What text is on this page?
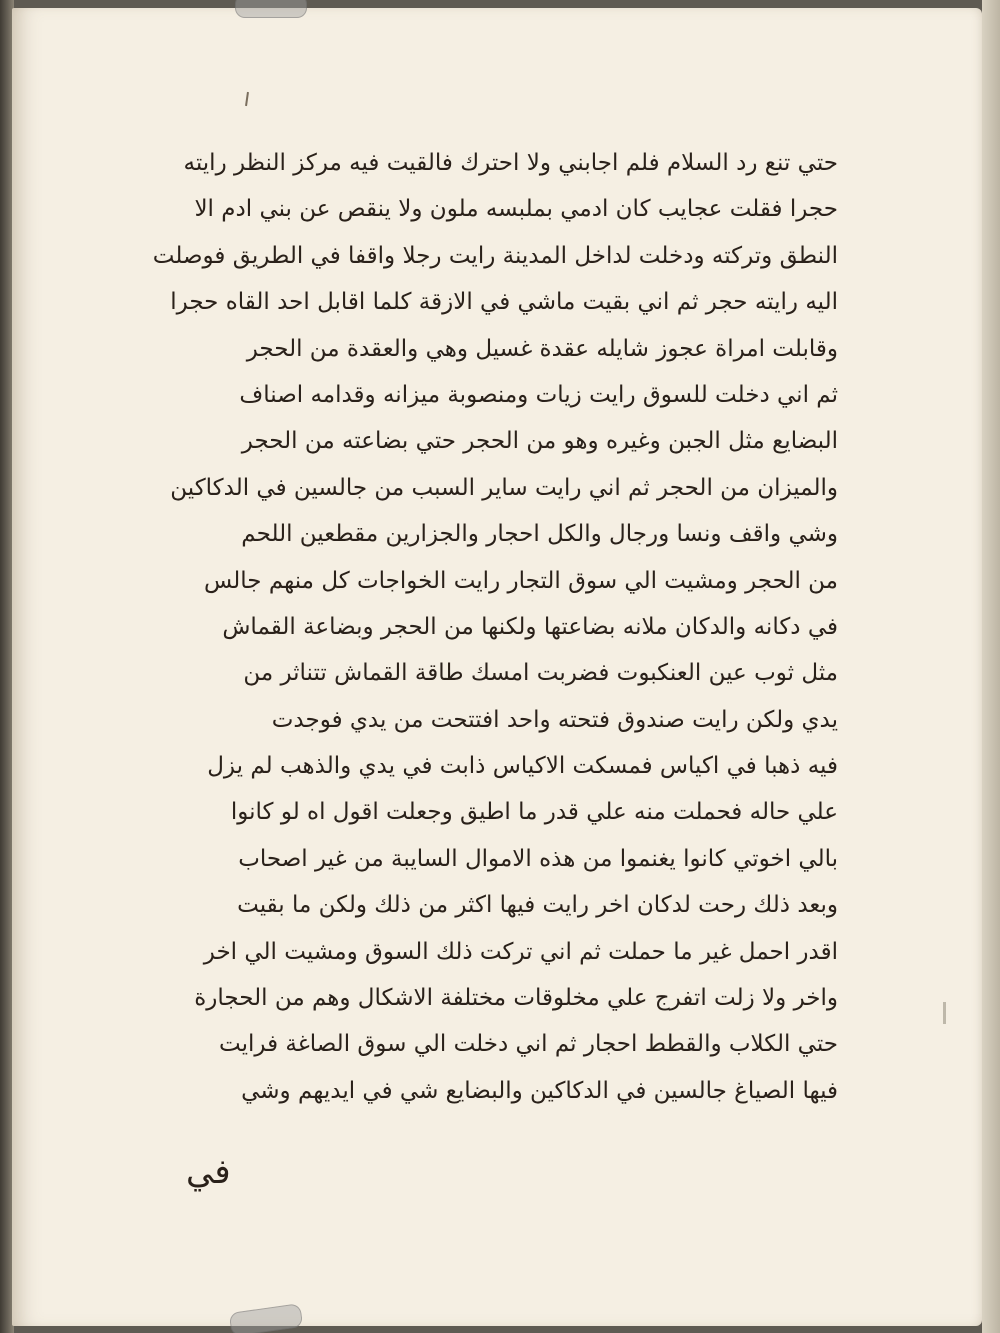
حتي تنع رد السلام فلم اجابني ولا احترك فالقيت فيه مركز النظر رايته
حجرا فقلت عجايب كان ادمي بملبسه ملون ولا ينقص عن بني ادم الا
النطق وتركته ودخلت لداخل المدينة رايت رجلا واقفا في الطريق فوصلت
اليه رايته حجر ثم اني بقيت ماشي في الازقة كلما اقابل احد القاه حجرا
وقابلت امراة عجوز شايله عقدة غسيل وهي والعقدة من الحجر
ثم اني دخلت للسوق رايت زيات ومنصوبة ميزانه وقدامه اصناف
البضايع مثل الجبن وغيره وهو من الحجر حتي بضاعته من الحجر
والميزان من الحجر ثم اني رايت ساير السبب من جالسين في الدكاكين
وشي واقف ونسا ورجال والكل احجار والجزارين مقطعين اللحم
من الحجر ومشيت الي سوق التجار رايت الخواجات كل منهم جالس
في دكانه والدكان ملانه بضاعتها ولكنها من الحجر وبضاعة القماش
مثل ثوب عين العنكبوت فضربت امسك طاقة القماش تتناثر من
يدي ولكن رايت صندوق فتحته واحد افتتحت من يدي فوجدت
فيه ذهبا في اكياس فمسكت الاكياس ذابت في يدي والذهب لم يزل
علي حاله فحملت منه علي قدر ما اطيق وجعلت اقول اه لو كانوا
بالي اخوتي كانوا يغنموا من هذه الاموال السايبة من غير اصحاب
وبعد ذلك رحت لدكان اخر رايت فيها اكثر من ذلك ولكن ما بقيت
اقدر احمل غير ما حملت ثم اني تركت ذلك السوق ومشيت الي اخر
واخر ولا زلت اتفرج علي مخلوقات مختلفة الاشكال وهم من الحجارة
حتي الكلاب والقطط احجار ثم اني دخلت الي سوق الصاغة فرايت
فيها الصياغ جالسين في الدكاكين والبضايع شي في ايديهم وشي
في
